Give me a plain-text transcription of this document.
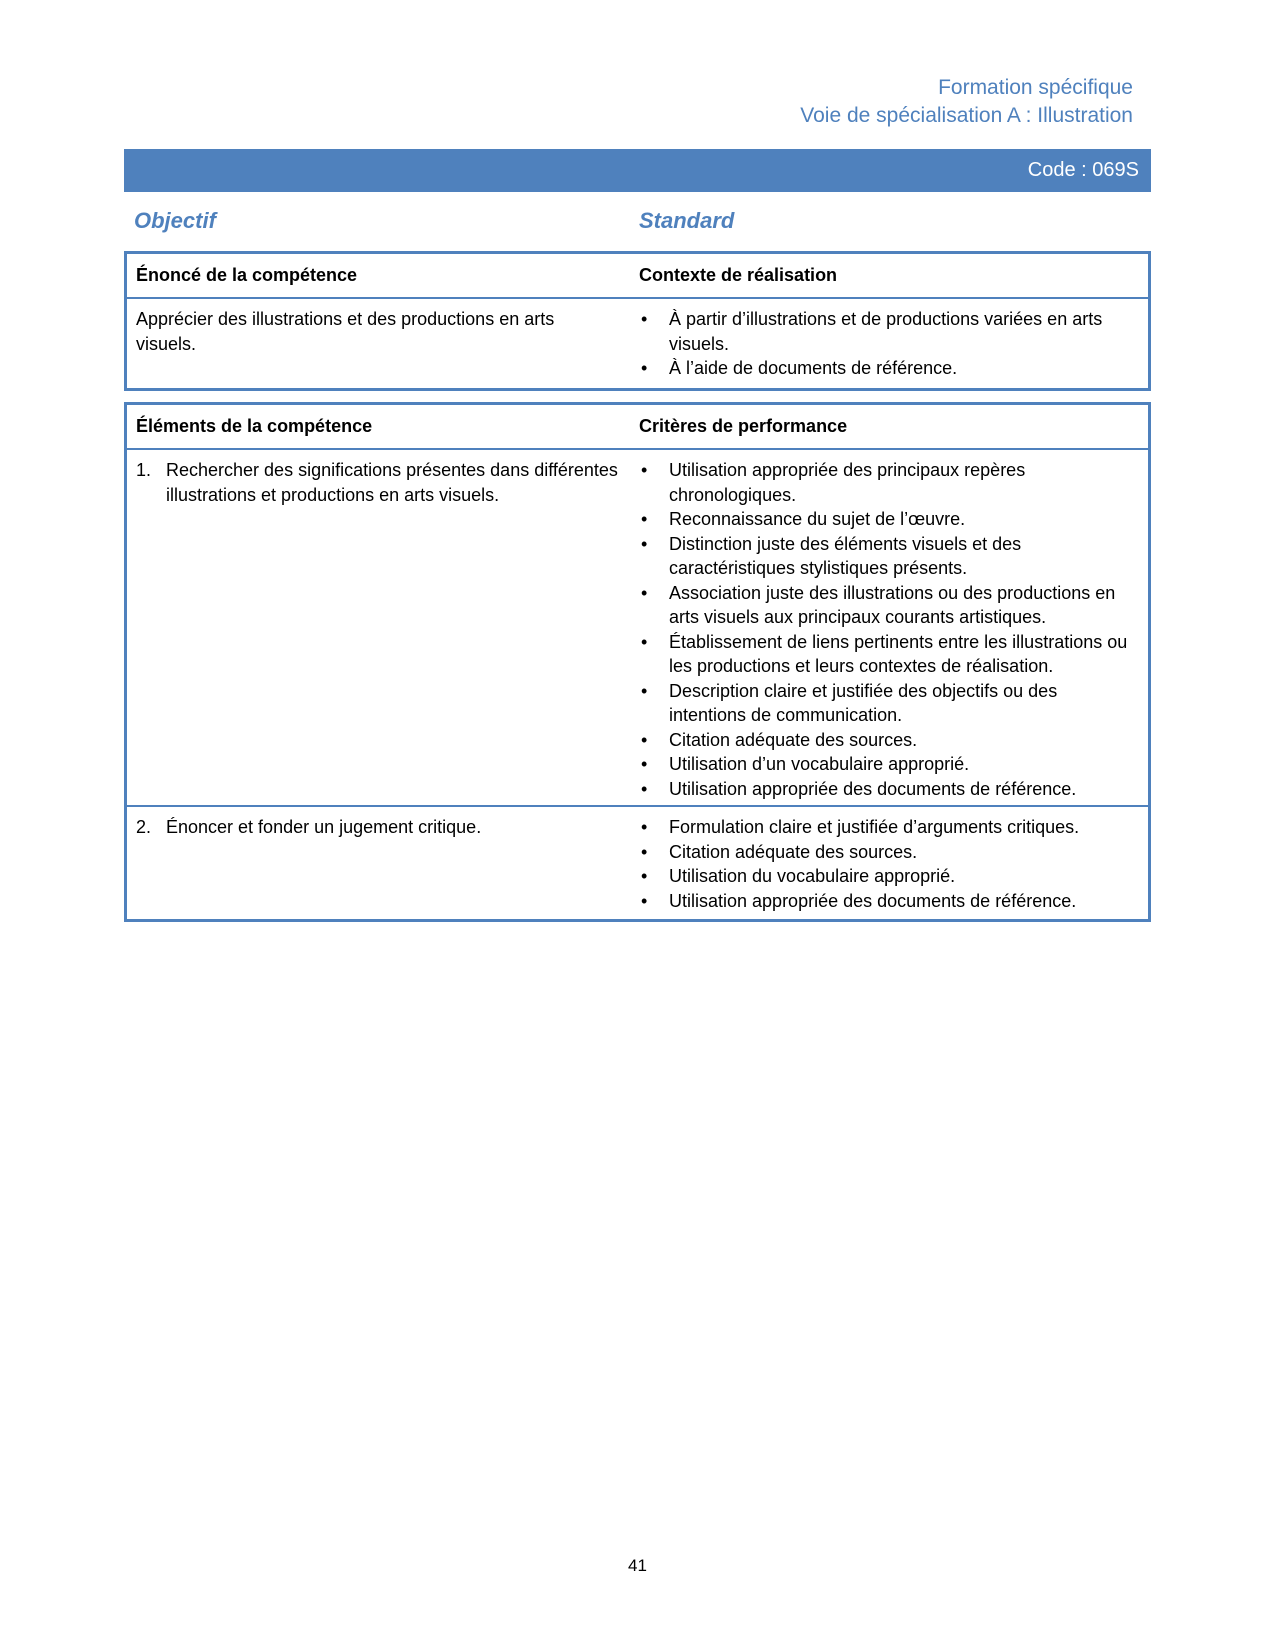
Formation spécifique
Voie de spécialisation A : Illustration
Code : 069S
Objectif	Standard
Énoncé de la compétence	Contexte de réalisation
Apprécier des illustrations et des productions en arts visuels.
• À partir d’illustrations et de productions variées en arts visuels.
• À l’aide de documents de référence.
Éléments de la compétence	Critères de performance
1. Rechercher des significations présentes dans différentes illustrations et productions en arts visuels.
• Utilisation appropriée des principaux repères chronologiques.
• Reconnaissance du sujet de l’œuvre.
• Distinction juste des éléments visuels et des caractéristiques stylistiques présents.
• Association juste des illustrations ou des productions en arts visuels aux principaux courants artistiques.
• Établissement de liens pertinents entre les illustrations ou les productions et leurs contextes de réalisation.
• Description claire et justifiée des objectifs ou des intentions de communication.
• Citation adéquate des sources.
• Utilisation d’un vocabulaire approprié.
• Utilisation appropriée des documents de référence.
2. Énoncer et fonder un jugement critique.
•	Formulation claire et justifiée d’arguments critiques.
• Citation adéquate des sources.
• Utilisation du vocabulaire approprié.
• Utilisation appropriée des documents de référence.
41
